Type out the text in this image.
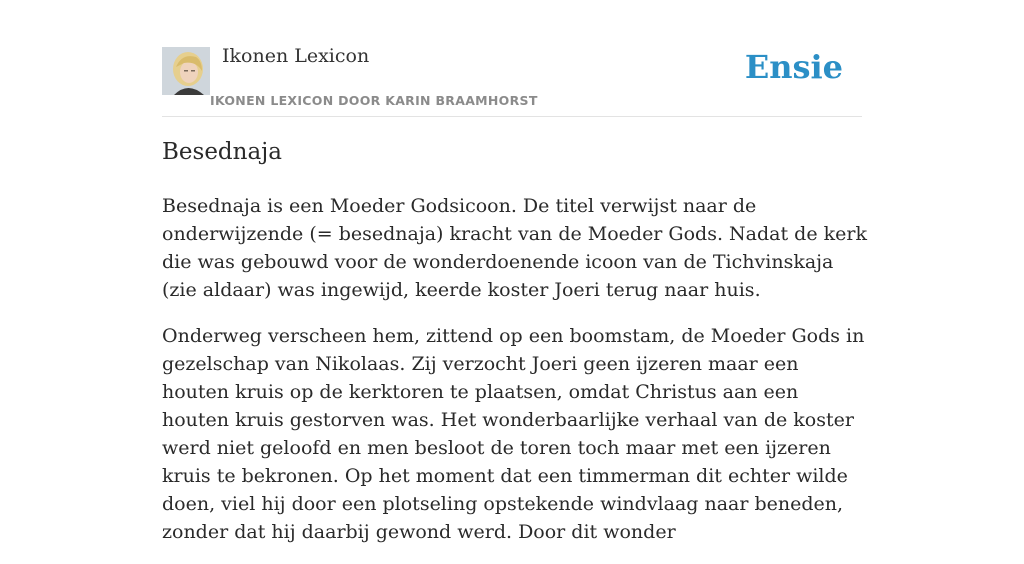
Ikonen Lexicon
IKONEN LEXICON DOOR KARIN BRAAMHORST
Ensie
Besednaja

Besednaja is een Moeder Godsicoon. De titel verwijst naar de onderwijzende (= besednaja) kracht van de Moeder Gods. Nadat de kerk die was gebouwd voor de wonderdoenende icoon van de Tichvinskaja (zie aldaar) was ingewijd, keerde koster Joeri terug naar huis.

Onderweg verscheen hem, zittend op een boomstam, de Moeder Gods in gezelschap van Nikolaas. Zij verzocht Joeri geen ijzeren maar een houten kruis op de kerktoren te plaatsen, omdat Christus aan een houten kruis gestorven was. Het wonderbaarlijke verhaal van de koster werd niet geloofd en men besloot de toren toch maar met een ijzeren kruis te bekronen. Op het moment dat een timmerman dit echter wilde doen, viel hij door een plotseling opstekende windvlaag naar beneden, zonder dat hij daarbij gewond werd. Door dit wonder
